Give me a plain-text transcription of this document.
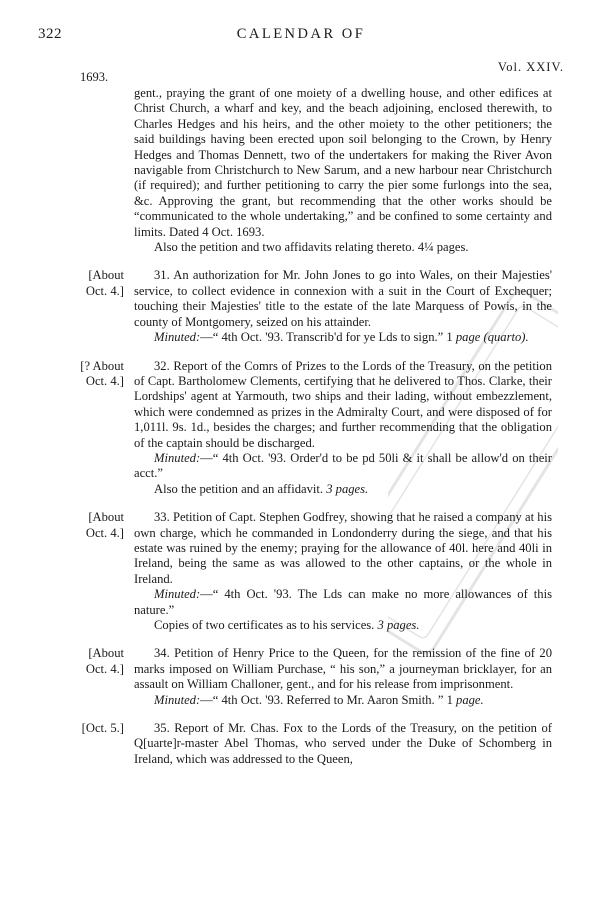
322	CALENDAR OF
Vol. XXIV.
1693.

gent., praying the grant of one moiety of a dwelling house, and other edifices at Christ Church, a wharf and key, and the beach adjoining, enclosed therewith, to Charles Hedges and his heirs, and the other moiety to the other petitioners; the said buildings having been erected upon soil belonging to the Crown, by Henry Hedges and Thomas Dennett, two of the undertakers for making the River Avon navigable from Christchurch to New Sarum, and a new harbour near Christchurch (if required); and further petitioning to carry the pier some furlongs into the sea, &c. Approving the grant, but recommending that the other works should be “communicated to the whole undertaking,” and be confined to some certainty and limits. Dated 4 Oct. 1693.

Also the petition and two affidavits relating thereto. 4¼ pages.

[About
Oct. 4.]

31. An authorization for Mr. John Jones to go into Wales, on their Majesties' service, to collect evidence in connexion with a suit in the Court of Exchequer; touching their Majesties' title to the estate of the late Marquess of Powis, in the county of Montgomery, seized on his attainder.

Minuted:—“ 4th Oct. '93. Transcrib'd for ye Lds to sign.” 1 page (quarto).

[? About
Oct. 4.]

32. Report of the Comrs of Prizes to the Lords of the Treasury, on the petition of Capt. Bartholomew Clements, certifying that he delivered to Thos. Clarke, their Lordships' agent at Yarmouth, two ships and their lading, without embezzlement, which were condemned as prizes in the Admiralty Court, and were disposed of for 1,011l. 9s. 1d., besides the charges; and further recommending that the obligation of the captain should be discharged.

Minuted:—“ 4th Oct. '93. Order'd to be pd 50li & it shall be allow'd on their acct.”

Also the petition and an affidavit. 3 pages.

[About
Oct. 4.]

33. Petition of Capt. Stephen Godfrey, showing that he raised a company at his own charge, which he commanded in Londonderry during the siege, and that his estate was ruined by the enemy; praying for the allowance of 40l. here and 40li in Ireland, being the same as was allowed to the other captains, or the whole in Ireland.

Minuted:—“ 4th Oct. '93. The Lds can make no more allowances of this nature.”

Copies of two certificates as to his services. 3 pages.

[About
Oct. 4.]

34. Petition of Henry Price to the Queen, for the remission of the fine of 20 marks imposed on William Purchase, “ his son,” a journeyman bricklayer, for an assault on William Challoner, gent., and for his release from imprisonment.

Minuted:—“ 4th Oct. '93. Referred to Mr. Aaron Smith. ” 1 page.

[Oct. 5.]	35. Report of Mr. Chas. Fox to the Lords of the Treasury, on the petition of Q[uarte]r-master Abel Thomas, who served under the Duke of Schomberg in Ireland, which was addressed to the Queen,
